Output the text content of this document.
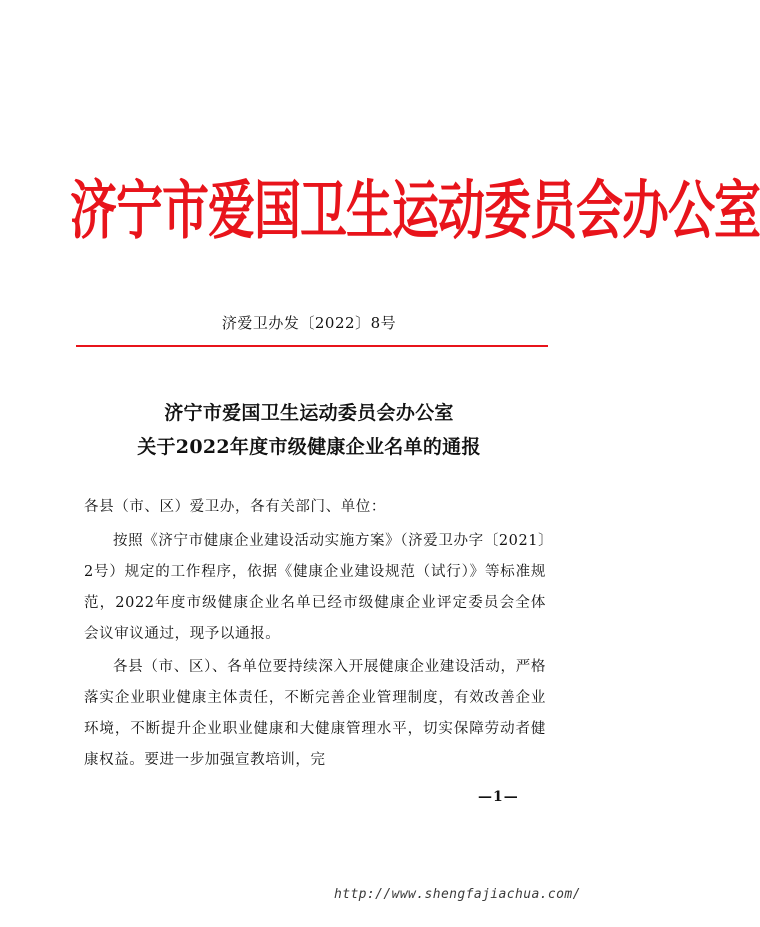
济宁市爱国卫生运动委员会办公室
济爱卫办发〔2022〕8号
济宁市爱国卫生运动委员会办公室
关于2022年度市级健康企业名单的通报
各县（市、区）爱卫办，各有关部门、单位：
按照《济宁市健康企业建设活动实施方案》（济爱卫办字〔2021〕2号）规定的工作程序，依据《健康企业建设规范（试行）》等标准规范，2022年度市级健康企业名单已经市级健康企业评定委员会全体会议审议通过，现予以通报。
各县（市、区）、各单位要持续深入开展健康企业建设活动，严格落实企业职业健康主体责任，不断完善企业管理制度，有效改善企业环境，不断提升企业职业健康和大健康管理水平，切实保障劳动者健康权益。要进一步加强宣教培训，完
—1—
http://www.shengfajiachua.com/
